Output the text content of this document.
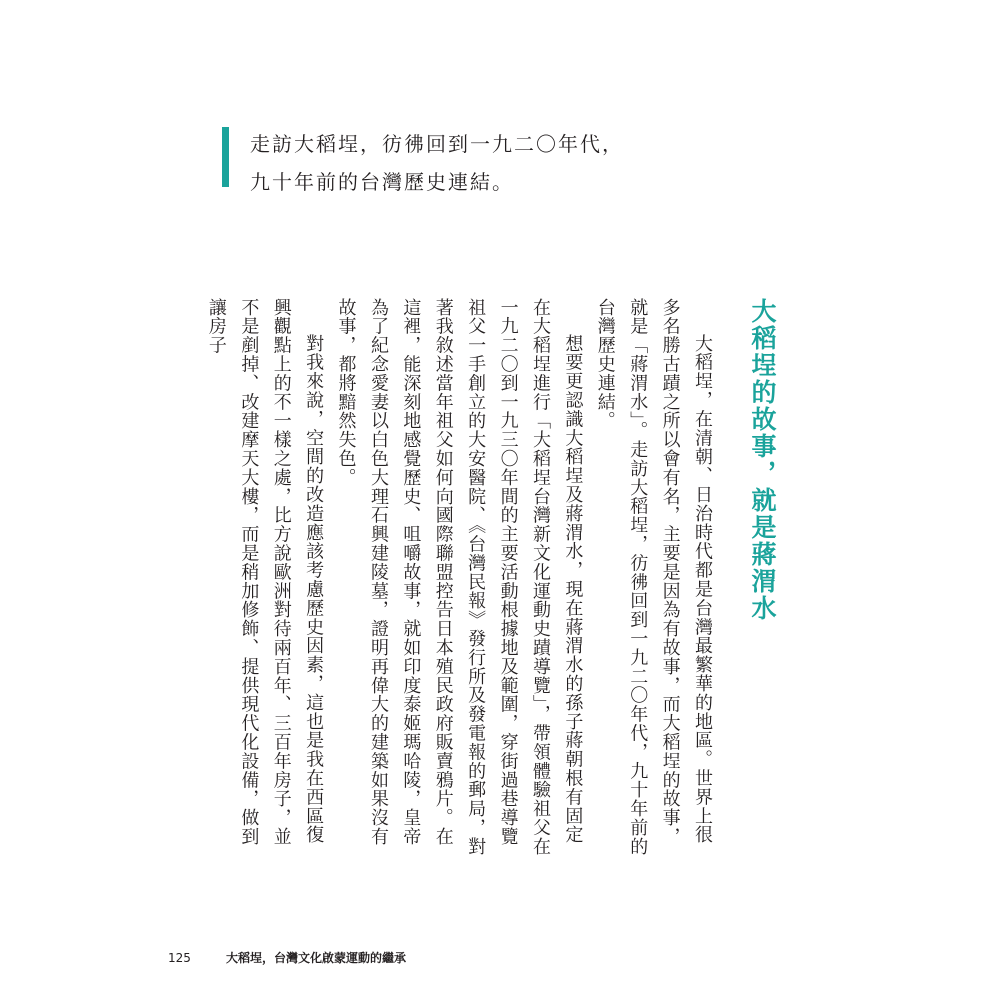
走訪大稻埕，彷彿回到一九二〇年代，
九十年前的台灣歷史連結。
大稻埕的故事，就是蔣渭水

大稻埕，在清朝、日治時代都是台灣最繁華的地區。世界上很多名勝古蹟之所以會有名，主要是因為有故事，而大稻埕的故事，就是「蔣渭水」。走訪大稻埕，彷彿回到一九二〇年代，九十年前的台灣歷史連結。

想要更認識大稻埕及蔣渭水，現在蔣渭水的孫子蔣朝根有固定在大稻埕進行「大稻埕台灣新文化運動史蹟導覽」，帶領體驗祖父在一九二〇到一九三〇年間的主要活動根據地及範圍，穿街過巷導覽祖父一手創立的大安醫院、《台灣民報》發行所及發電報的郵局，對著我敘述當年祖父如何向國際聯盟控告日本殖民政府販賣鴉片。在這裡，能深刻地感覺歷史、咀嚼故事，就如印度泰姬瑪哈陵，皇帝為了紀念愛妻以白色大理石興建陵墓，證明再偉大的建築如果沒有故事，都將黯然失色。

對我來說，空間的改造應該考慮歷史因素，這也是我在西區復興觀點上的不一樣之處，比方說歐洲對待兩百年、三百年房子，並不是剷掉、改建摩天大樓，而是稍加修飾、提供現代化設備，做到讓房子

125	大稻埕，台灣文化啟蒙運動的繼承
